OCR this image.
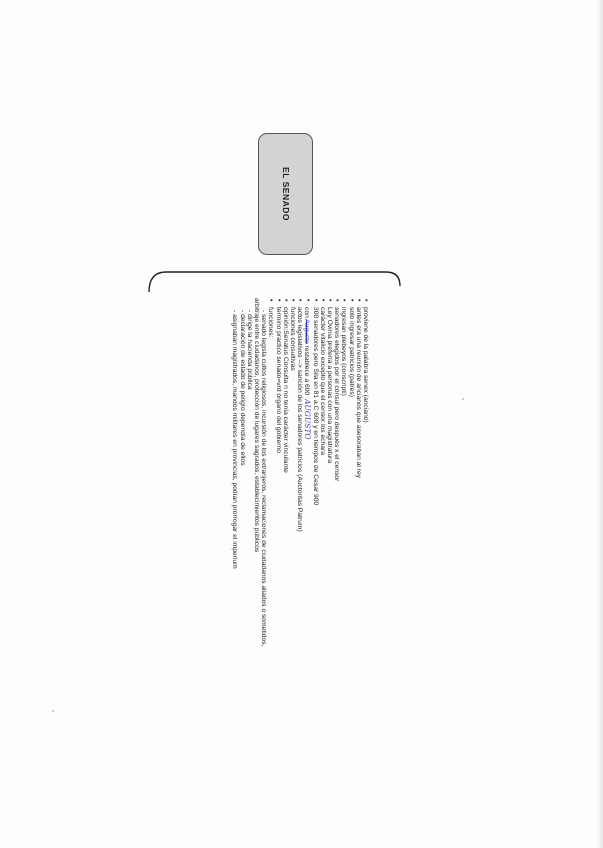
EL SENADO
• proviene de la palabra senex (anciano)
• antes era una reunión de ancianos que asesoraban al rey
• solo ingresar patricios (patres)
• ingresan plebeyos (conscripti)
• senadores elegidos por el cónsul pero después x el censor
• Ley Ovinia prefería a personas con una magistratura
• carácter vitalicio excepto que el censor los echara
• 300 senadores pero Sila en 81 a.C 600 y en tiempos de Cesar 900
• con Augusto restablece a 600AUGUSTO
• actos legislativos --> sanción de los senadores patricios (Auctoritas Patrum)
• funciones consultivas
• opinión:Senatus Consulta n no tenía carácter vinculante
• termino practico senado=vrd órgano del gobierno
• funciones:
- senado legisla cultos religiosos, incursión de los extranjeros, reclamaciones de ciudadanos aliados o sometidos,
arbitraje entre ciudadanos, protección de lugares sagrados, establecimientos públicos
- dirige la hacienda pública
- declaración de estado de peligro dependía de ellos
- asignaban magistrados, mandos militares en provincias, podían prorrogar el imperium
